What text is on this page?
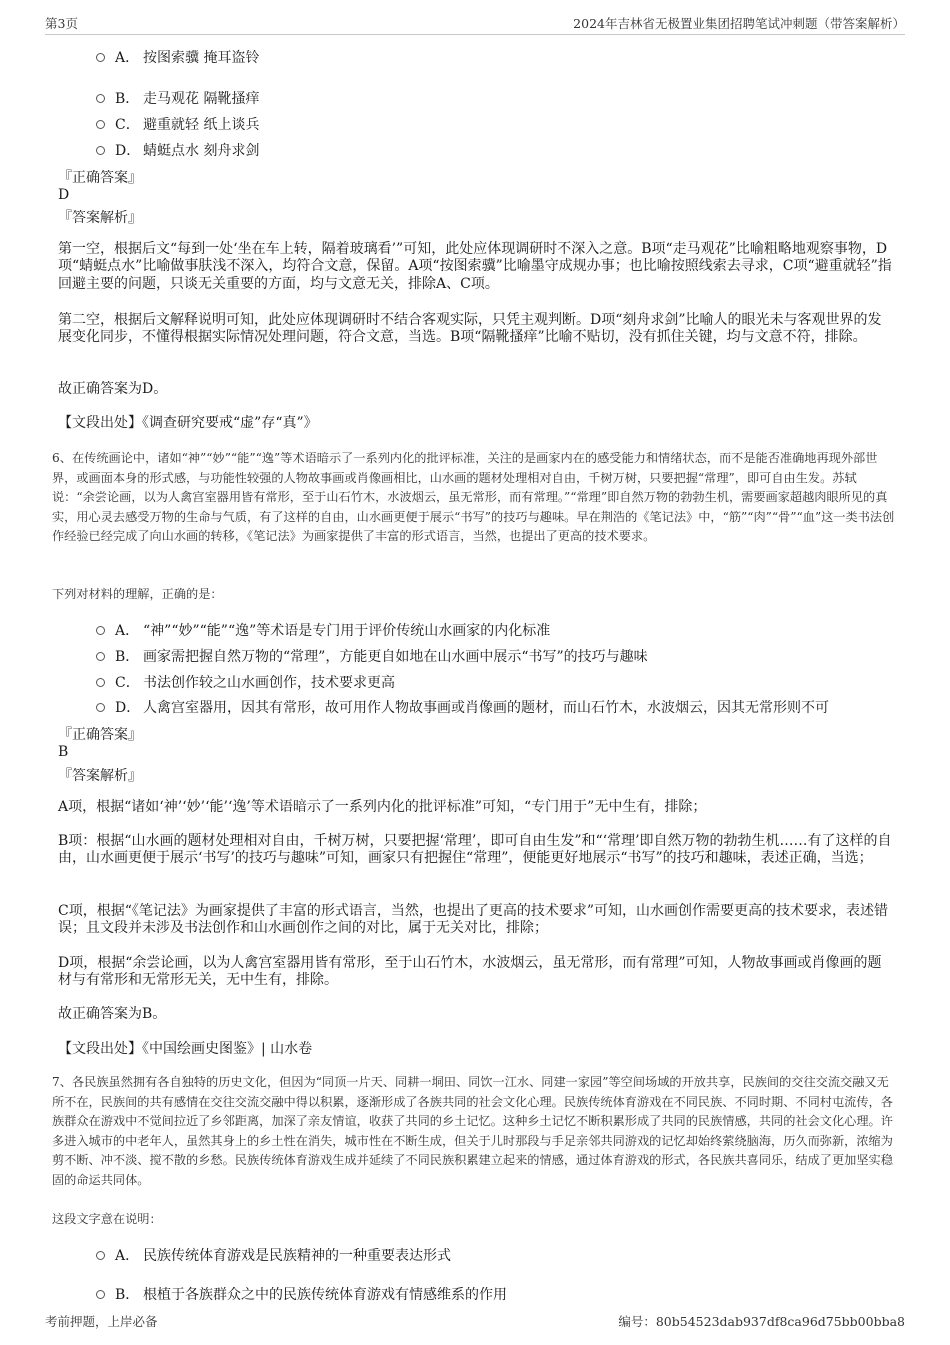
第3页	2024年吉林省无极置业集团招聘笔试冲刺题（带答案解析）
A． 按图索骥 掩耳盗铃
B． 走马观花 隔靴搔痒
C． 避重就轻 纸上谈兵
D． 蜻蜓点水 刻舟求剑
『正确答案』
D
『答案解析』
第一空，根据后文“每到一处‘坐在车上转，隔着玻璃看’”可知，此处应体现调研时不深入之意。B项“走马观花”比喻粗略地观察事物，D项“蜻蜓点水”比喻做事肤浅不深入，均符合文意，保留。A项“按图索骥”比喻墨守成规办事；也比喻按照线索去寻求，C项“避重就轻”指回避主要的问题，只谈无关重要的方面，均与文意无关，排除A、C项。
第二空，根据后文解释说明可知，此处应体现调研时不结合客观实际，只凭主观判断。D项“刻舟求剑”比喻人的眼光未与客观世界的发展变化同步，不懂得根据实际情况处理问题，符合文意，当选。B项“隔靴搔痒”比喻不贴切，没有抓住关键，均与文意不符，排除。
故正确答案为D。
【文段出处】《调查研究要戒“虚”存“真”》
6、在传统画论中，诸如“神”“妙”“能”“逸”等术语暗示了一系列内化的批评标准，关注的是画家内在的感受能力和情绪状态，而不是能否准确地再现外部世界，或画面本身的形式感，与功能性较强的人物故事画或肖像画相比，山水画的题材处理相对自由，千树万树，只要把握“常理”，即可自由生发。苏轼说：“余尝论画，以为人禽宫室器用皆有常形，至于山石竹木，水波烟云，虽无常形，而有常理。”“常理”即自然万物的勃勃生机，需要画家超越肉眼所见的真实，用心灵去感受万物的生命与气质，有了这样的自由，山水画更便于展示“书写”的技巧与趣味。早在荆浩的《笔记法》中，“筋”“肉”“骨”“血”这一类书法创作经验已经完成了向山水画的转移，《笔记法》为画家提供了丰富的形式语言，当然，也提出了更高的技术要求。
下列对材料的理解，正确的是：
A． “神”“妙”“能”“逸”等术语是专门用于评价传统山水画家的内化标准
B． 画家需把握自然万物的“常理”，方能更自如地在山水画中展示“书写”的技巧与趣味
C． 书法创作较之山水画创作，技术要求更高
D． 人禽宫室器用，因其有常形，故可用作人物故事画或肖像画的题材，而山石竹木，水波烟云，因其无常形则不可
『正确答案』
B
『答案解析』
A项，根据“诸如‘神’‘妙’‘能’‘逸’等术语暗示了一系列内化的批评标准”可知，“专门用于”无中生有，排除；
B项：根据“山水画的题材处理相对自由，千树万树，只要把握‘常理’，即可自由生发”和“‘常理’即自然万物的勃勃生机……有了这样的自由，山水画更便于展示‘书写’的技巧与趣味”可知，画家只有把握住“常理”，便能更好地展示“书写”的技巧和趣味，表述正确，当选；
C项，根据“《笔记法》为画家提供了丰富的形式语言，当然，也提出了更高的技术要求”可知，山水画创作需要更高的技术要求，表述错误；且文段并未涉及书法创作和山水画创作之间的对比，属于无关对比，排除；
D项，根据“余尝论画，以为人禽宫室器用皆有常形，至于山石竹木，水波烟云，虽无常形，而有常理”可知，人物故事画或肖像画的题材与有常形和无常形无关，无中生有，排除。
故正确答案为B。
【文段出处】《中国绘画史图鉴》| 山水卷
7、各民族虽然拥有各自独特的历史文化，但因为“同顶一片天、同耕一垌田、同饮一江水、同建一家园”等空间场域的开放共享，民族间的交往交流交融又无所不在，民族间的共有感情在交往交流交融中得以积累，逐渐形成了各族共同的社会文化心理。民族传统体育游戏在不同民族、不同时期、不同村屯流传，各族群众在游戏中不觉间拉近了乡邻距离，加深了亲友情谊，收获了共同的乡土记忆。这种乡土记忆不断积累形成了共同的民族情感，共同的社会文化心理。许多进入城市的中老年人，虽然其身上的乡土性在消失，城市性在不断生成，但关于儿时那段与手足亲邻共同游戏的记忆却始终萦绕脑海，历久而弥新，浓缩为剪不断、冲不淡、搅不散的乡愁。民族传统体育游戏生成并延续了不同民族积累建立起来的情感，通过体育游戏的形式，各民族共喜同乐，结成了更加坚实稳固的命运共同体。
这段文字意在说明：
A． 民族传统体育游戏是民族精神的一种重要表达形式
B． 根植于各族群众之中的民族传统体育游戏有情感维系的作用
考前押题，上岸必备	编号：80b54523dab937df8ca96d75bb00bba8
